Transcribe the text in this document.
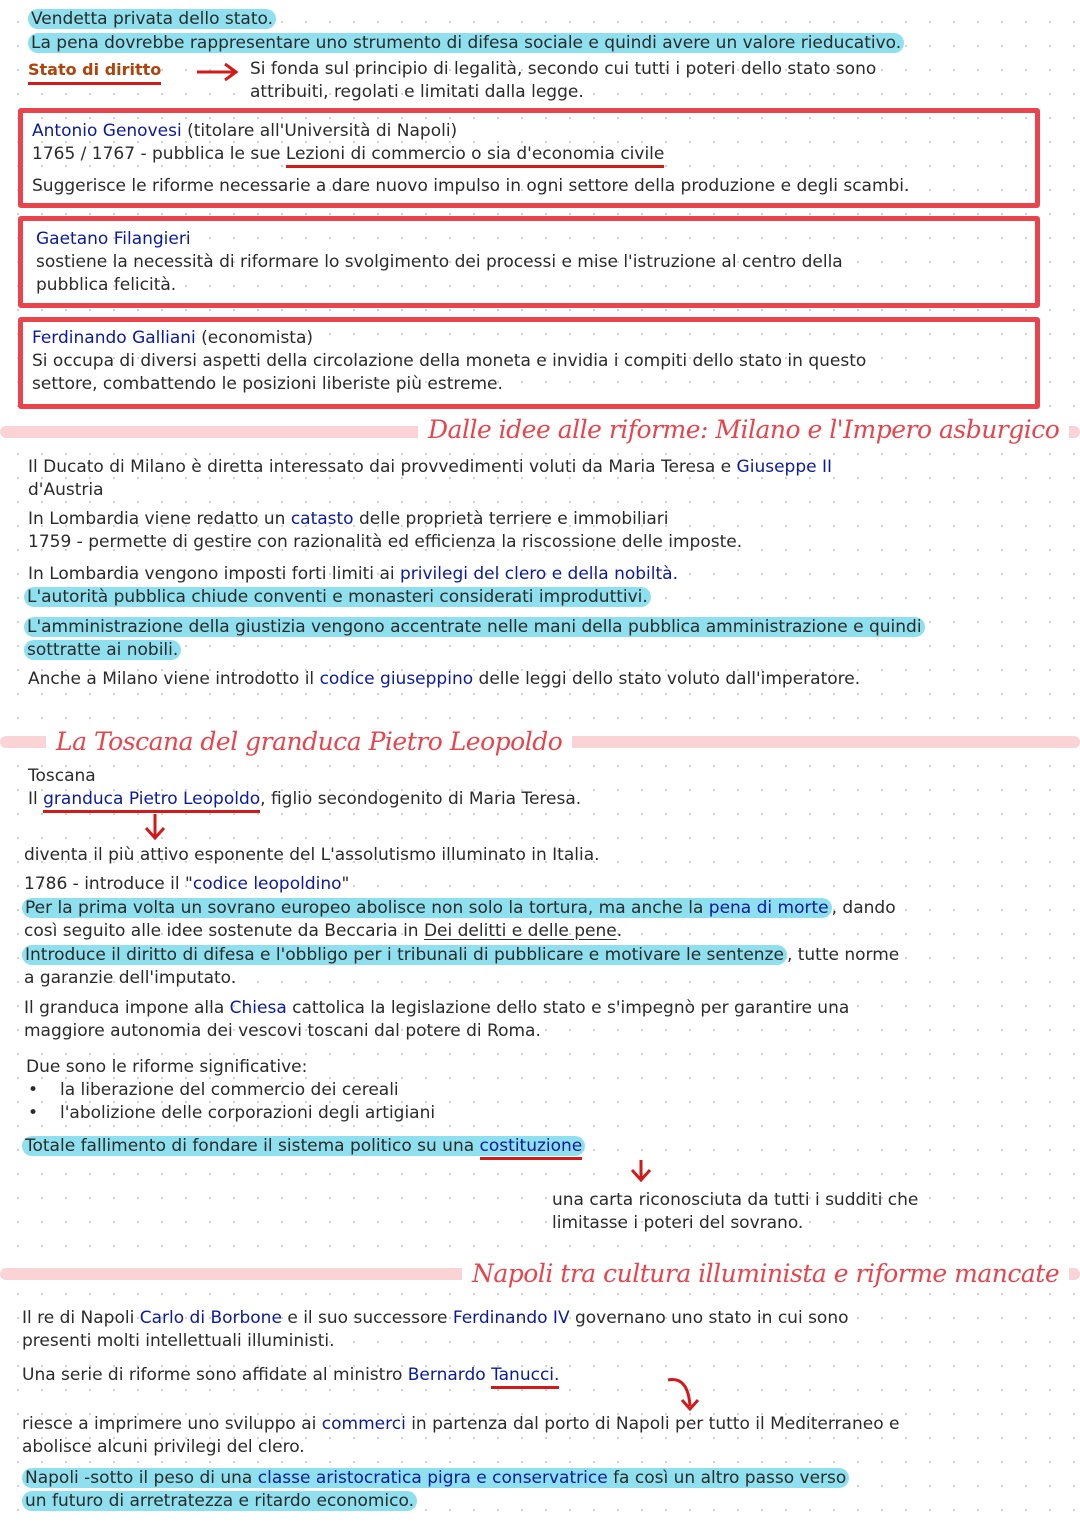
Vendetta privata dello stato.
La pena dovrebbe rappresentare uno strumento di difesa sociale e quindi avere un valore rieducativo.
Stato di diritto	Si fonda sul principio di legalità, secondo cui tutti i poteri dello stato sono
attribuiti, regolati e limitati dalla legge.
Antonio Genovesi (titolare all'Università di Napoli)
1765 / 1767 - pubblica le sue Lezioni di commercio o sia d'economia civile
Suggerisce le riforme necessarie a dare nuovo impulso in ogni settore della produzione e degli scambi.
Gaetano Filangieri
sostiene la necessità di riformare lo svolgimento dei processi e mise l'istruzione al centro della
pubblica felicità.
Ferdinando Galliani (economista)
Si occupa di diversi aspetti della circolazione della moneta e invidia i compiti dello stato in questo
settore, combattendo le posizioni liberiste più estreme.
Dalle idee alle riforme: Milano e l'Impero asburgico
Il Ducato di Milano è diretta interessato dai provvedimenti voluti da Maria Teresa e Giuseppe II
d'Austria
In Lombardia viene redatto un catasto delle proprietà terriere e immobiliari
1759 - permette di gestire con razionalità ed efficienza la riscossione delle imposte.
In Lombardia vengono imposti forti limiti ai privilegi del clero e della nobiltà.
L'autorità pubblica chiude conventi e monasteri considerati improduttivi.
L'amministrazione della giustizia vengono accentrate nelle mani della pubblica amministrazione e quindi
sottratte ai nobili.
Anche a Milano viene introdotto il codice giuseppino delle leggi dello stato voluto dall'imperatore.
La Toscana del granduca Pietro Leopoldo
Toscana
Il granduca Pietro Leopoldo, figlio secondogenito di Maria Teresa.
diventa il più attivo esponente del L'assolutismo illuminato in Italia.
1786 - introduce il "codice leopoldino"
Per la prima volta un sovrano europeo abolisce non solo la tortura, ma anche la pena di morte , dando
così seguito alle idee sostenute da Beccaria in Dei delitti e delle pene.
Introduce il diritto di difesa e l'obbligo per i tribunali di pubblicare e motivare le sentenze , tutte norme
a garanzie dell'imputato.
Il granduca impone alla Chiesa cattolica la legislazione dello stato e s'impegnò per garantire una
maggiore autonomia dei vescovi toscani dal potere di Roma.
Due sono le riforme significative:
• la liberazione del commercio dei cereali
• l'abolizione delle corporazioni degli artigiani
Totale fallimento di fondare il sistema politico su una costituzione
una carta riconosciuta da tutti i sudditi che
limitasse i poteri del sovrano.
Napoli tra cultura illuminista e riforme mancate
Il re di Napoli Carlo di Borbone e il suo successore Ferdinando IV governano uno stato in cui sono
presenti molti intellettuali illuministi.
Una serie di riforme sono affidate al ministro Bernardo Tanucci.
riesce a imprimere uno sviluppo ai commerci in partenza dal porto di Napoli per tutto il Mediterraneo e
abolisce alcuni privilegi del clero.
Napoli -sotto il peso di una classe aristocratica pigra e conservatrice fa così un altro passo verso
un futuro di arretratezza e ritardo economico.
